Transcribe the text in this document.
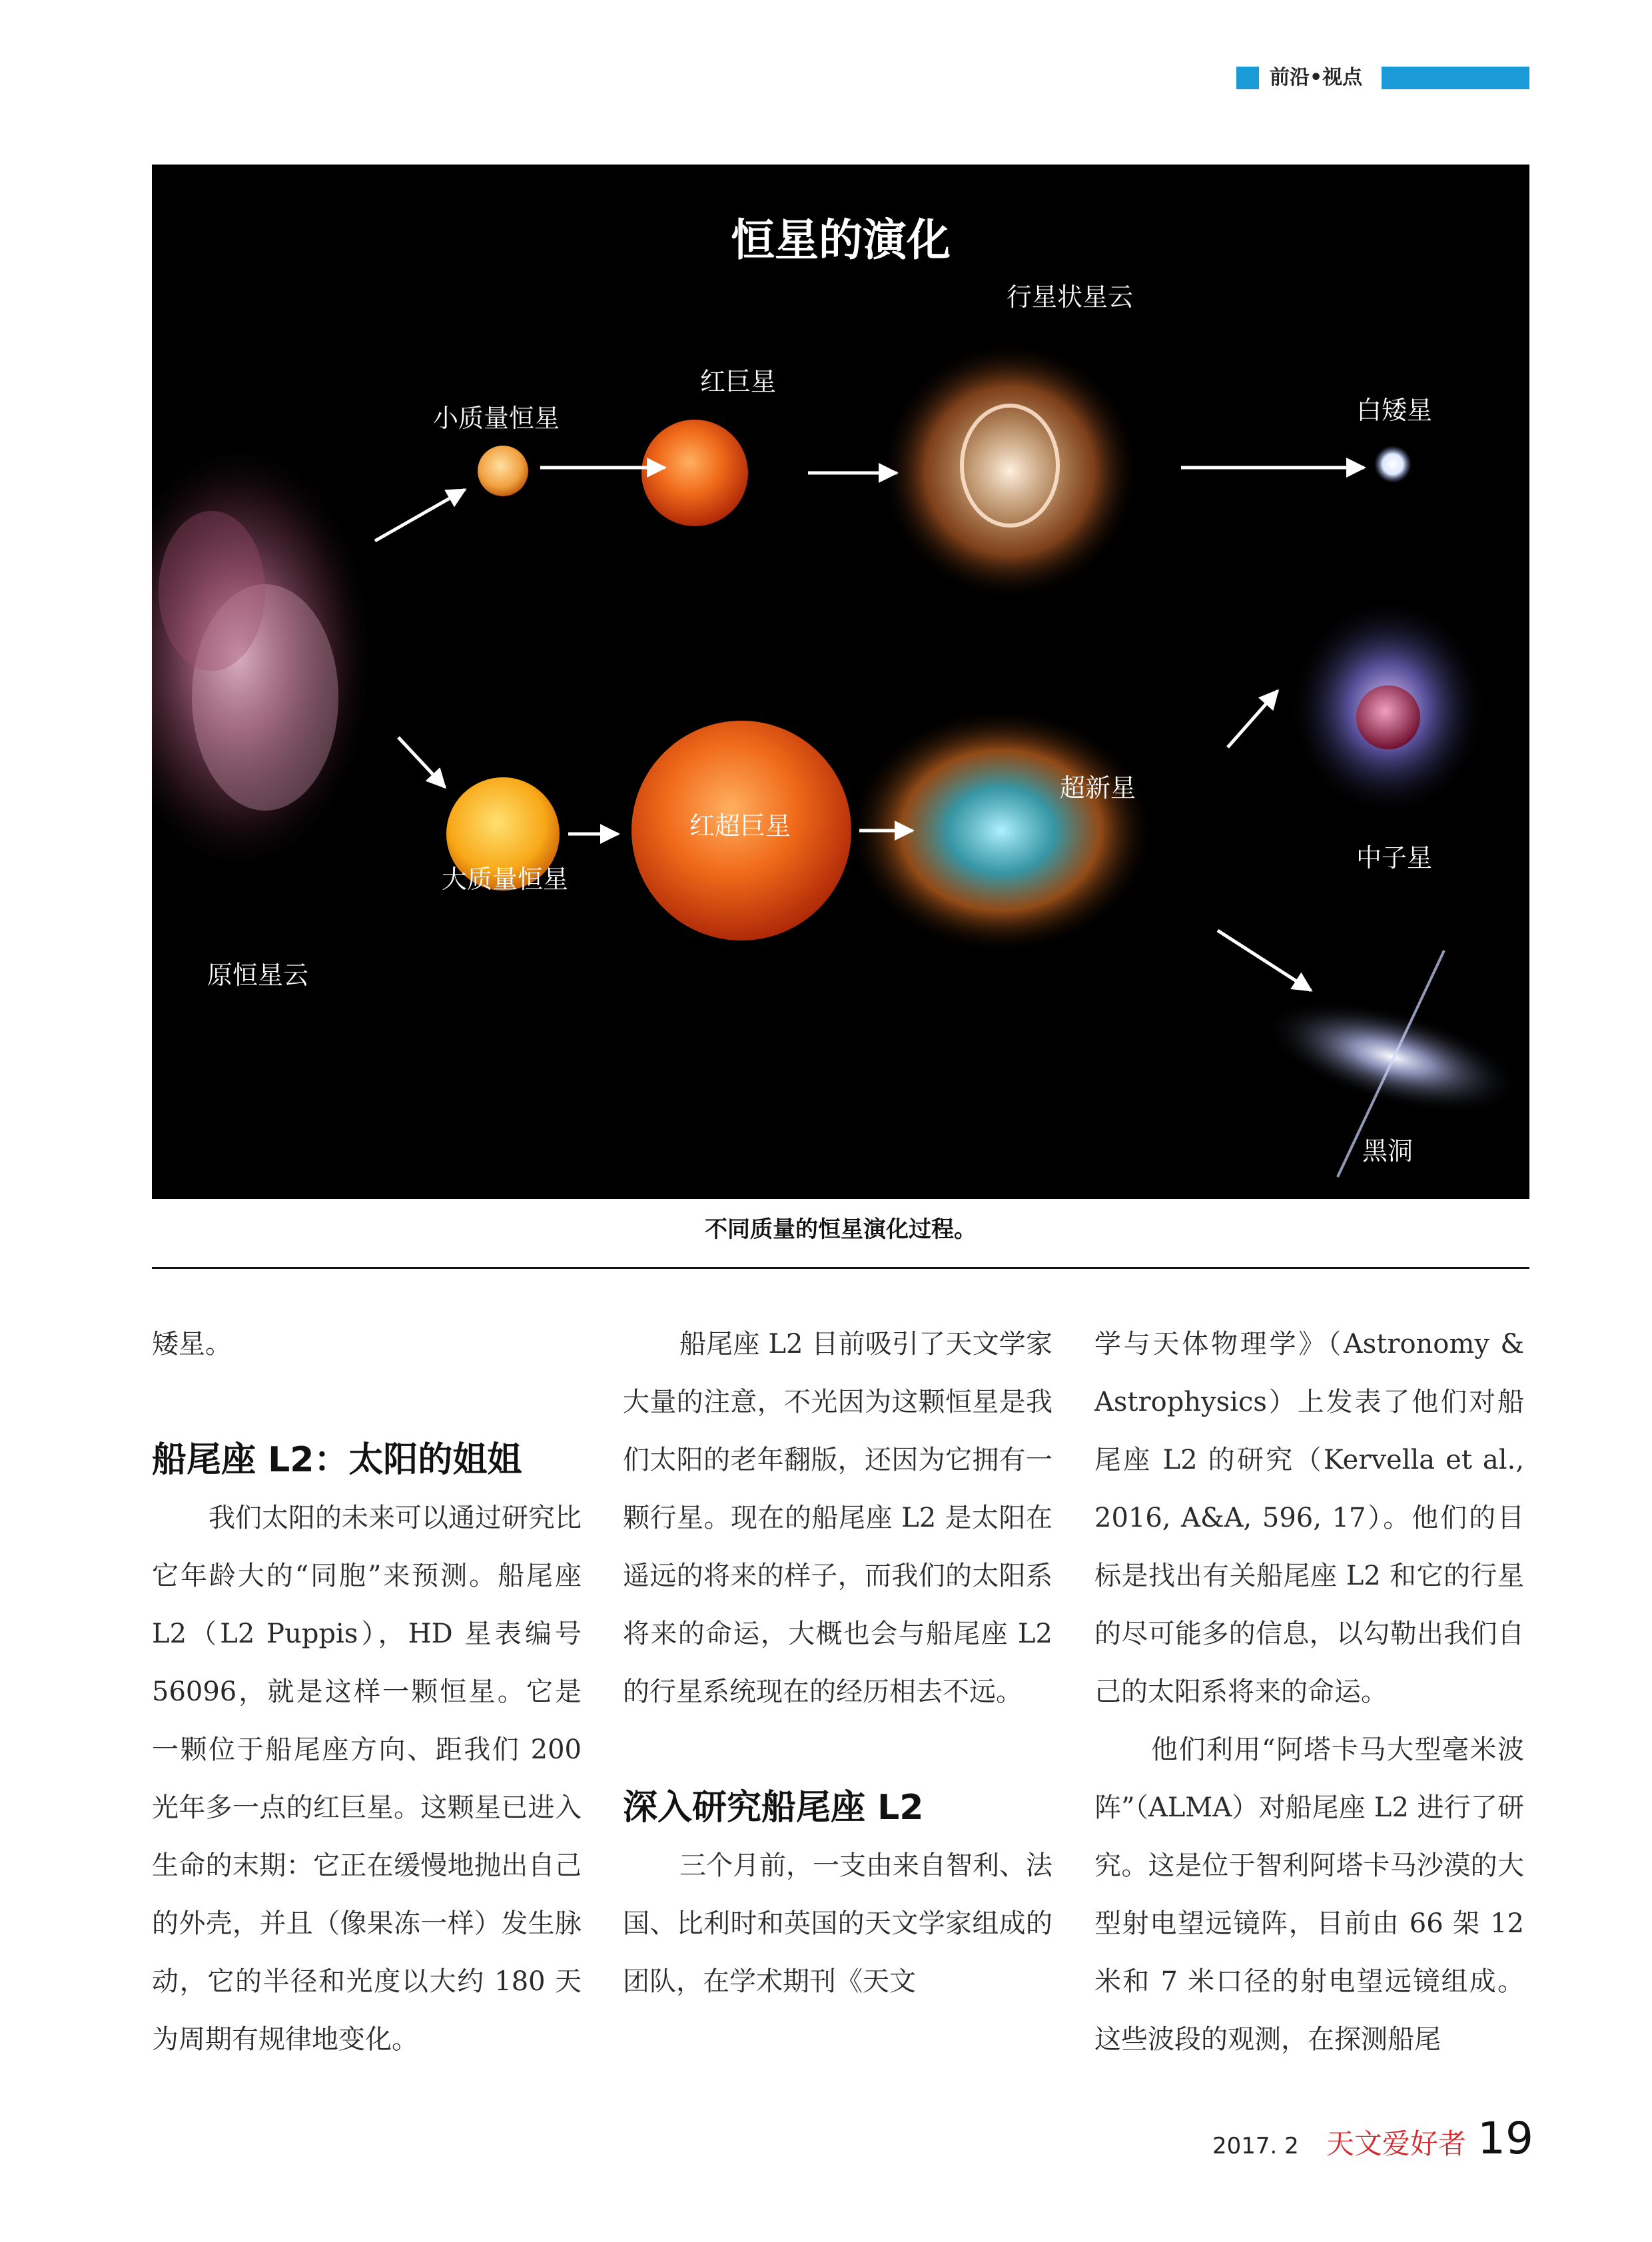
前沿•视点
恒星的演化
原恒星云
小质量恒星
红巨星
行星状星云
白矮星
大质量恒星
红超巨星
超新星
中子星
黑洞
不同质量的恒星演化过程。

矮星。

船尾座 L2：太阳的姐姐

我们太阳的未来可以通过研究比它年龄大的“同胞”来预测。船尾座 L2（L2 Puppis），HD 星表编号 56096，就是这样一颗恒星。它是一颗位于船尾座方向、距我们 200 光年多一点的红巨星。这颗星已进入生命的末期：它正在缓慢地抛出自己的外壳，并且（像果冻一样）发生脉动，它的半径和光度以大约 180 天为周期有规律地变化。

船尾座 L2 目前吸引了天文学家大量的注意，不光因为这颗恒星是我们太阳的老年翻版，还因为它拥有一颗行星。现在的船尾座 L2 是太阳在遥远的将来的样子，而我们的太阳系将来的命运，大概也会与船尾座 L2 的行星系统现在的经历相去不远。

深入研究船尾座 L2

三个月前，一支由来自智利、法国、比利时和英国的天文学家组成的团队，在学术期刊《天文

学与天体物理学》（Astronomy & Astrophysics）上发表了他们对船尾座 L2 的研究（Kervella et al., 2016, A&A, 596, 17）。他们的目标是找出有关船尾座 L2 和它的行星的尽可能多的信息，以勾勒出我们自己的太阳系将来的命运。

他们利用“阿塔卡马大型毫米波阵”（ALMA）对船尾座 L2 进行了研究。这是位于智利阿塔卡马沙漠的大型射电望远镜阵，目前由 66 架 12 米和 7 米口径的射电望远镜组成。这些波段的观测，在探测船尾

2017. 2 天文爱好者 19
